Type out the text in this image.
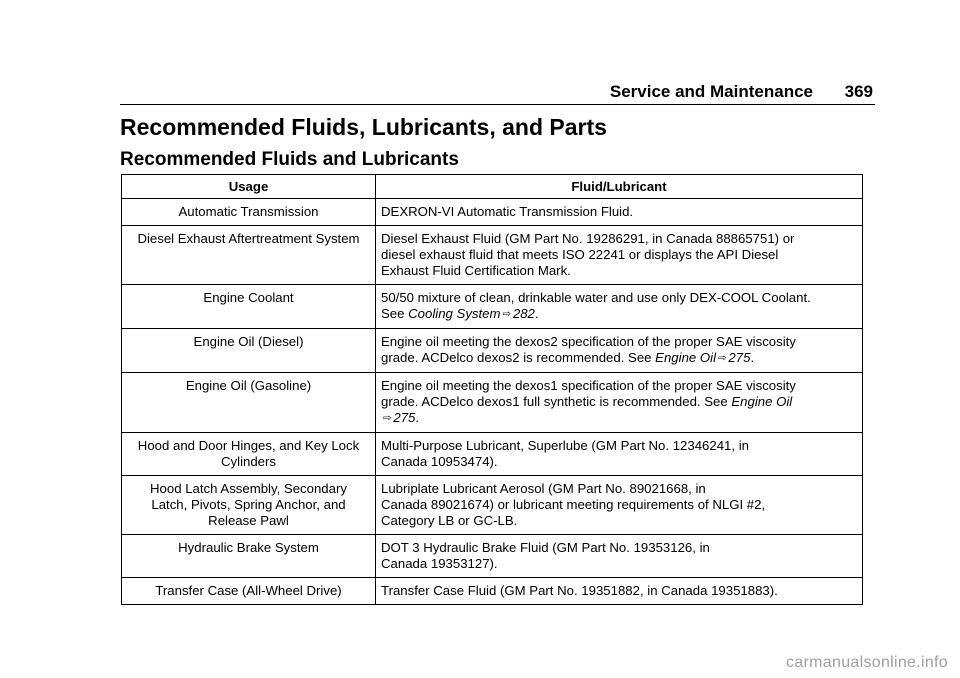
Service and Maintenance 369
Recommended Fluids, Lubricants, and Parts
Recommended Fluids and Lubricants
Usage	Fluid/Lubricant
Automatic Transmission	DEXRON-VI Automatic Transmission Fluid.
Diesel Exhaust Aftertreatment System	Diesel Exhaust Fluid (GM Part No. 19286291, in Canada 88865751) or
diesel exhaust fluid that meets ISO 22241 or displays the API Diesel
Exhaust Fluid Certification Mark.
Engine Coolant	50/50 mixture of clean, drinkable water and use only DEX-COOL Coolant.
See Cooling System ⇨ 282.
Engine Oil (Diesel)	Engine oil meeting the dexos2 specification of the proper SAE viscosity
grade. ACDelco dexos2 is recommended. See Engine Oil ⇨ 275.
Engine Oil (Gasoline)	Engine oil meeting the dexos1 specification of the proper SAE viscosity
grade. ACDelco dexos1 full synthetic is recommended. See Engine Oil
⇨ 275.
Hood and Door Hinges, and Key Lock
Cylinders	Multi-Purpose Lubricant, Superlube (GM Part No. 12346241, in
Canada 10953474).
Hood Latch Assembly, Secondary
Latch, Pivots, Spring Anchor, and
Release Pawl	Lubriplate Lubricant Aerosol (GM Part No. 89021668, in
Canada 89021674) or lubricant meeting requirements of NLGI #2,
Category LB or GC-LB.
Hydraulic Brake System	DOT 3 Hydraulic Brake Fluid (GM Part No. 19353126, in
Canada 19353127).
Transfer Case (All-Wheel Drive)	Transfer Case Fluid (GM Part No. 19351882, in Canada 19351883).
carmanualsonline.info
